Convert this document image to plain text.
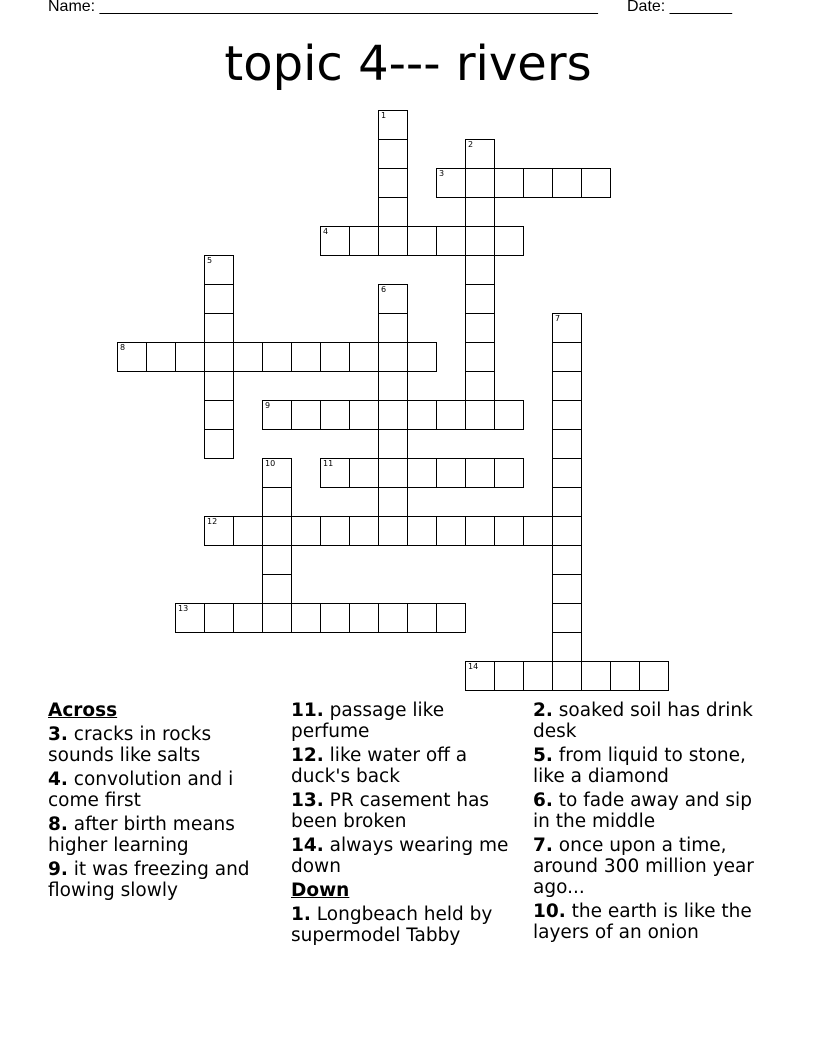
Name: ________________________________________________________ Date: _______
topic 4--- rivers
1
2
3
4
5
6
7
8
9
10	11
12
13
14
Across
3. cracks in rocks sounds like salts
4. convolution and i come first
8. after birth means higher learning
9. it was freezing and flowing slowly
11. passage like perfume
12. like water off a duck's back
13. PR casement has been broken
14. always wearing me down
Down
1. Longbeach held by supermodel Tabby
2. soaked soil has drink desk
5. from liquid to stone, like a diamond
6. to fade away and sip in the middle
7. once upon a time, around 300 million year ago...
10. the earth is like the layers of an onion
